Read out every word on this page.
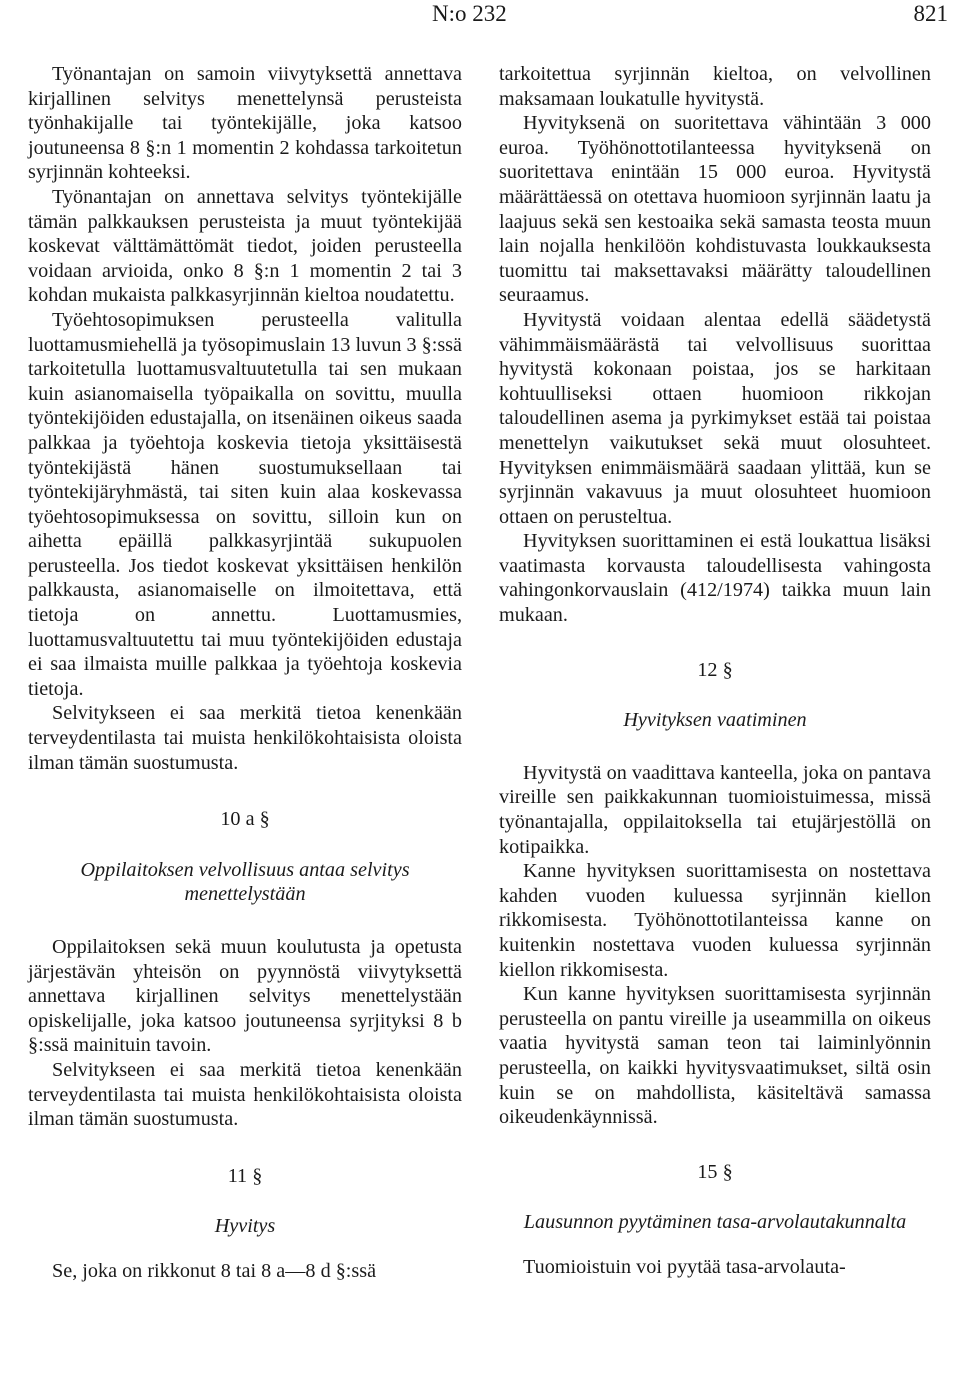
N:o 232	821

Työnantajan on samoin viivytyksettä annettava kirjallinen selvitys menettelynsä perusteista työnhakijalle tai työntekijälle, joka katsoo joutuneensa 8 §:n 1 momentin 2 kohdassa tarkoitetun syrjinnän kohteeksi.

Työnantajan on annettava selvitys työntekijälle tämän palkkauksen perusteista ja muut työntekijää koskevat välttämättömät tiedot, joiden perusteella voidaan arvioida, onko 8 §:n 1 momentin 2 tai 3 kohdan mukaista palkkasyrjinnän kieltoa noudatettu.

Työehtosopimuksen perusteella valitulla luottamusmiehellä ja työsopimuslain 13 luvun 3 §:ssä tarkoitetulla luottamusvaltuutetulla tai sen mukaan kuin asianomaisella työpaikalla on sovittu, muulla työntekijöiden edustajalla, on itsenäinen oikeus saada palkkaa ja työehtoja koskevia tietoja yksittäisestä työntekijästä hänen suostumuksellaan tai työntekijäryhmästä, tai siten kuin alaa koskevassa työehtosopimuksessa on sovittu, silloin kun on aihetta epäillä palkkasyrjintää sukupuolen perusteella. Jos tiedot koskevat yksittäisen henkilön palkkausta, asianomaiselle on ilmoitettava, että tietoja on annettu. Luottamusmies, luottamusvaltuutettu tai muu työntekijöiden edustaja ei saa ilmaista muille palkkaa ja työehtoja koskevia tietoja.

Selvitykseen ei saa merkitä tietoa kenenkään terveydentilasta tai muista henkilökohtaisista oloista ilman tämän suostumusta.

10 a §

Oppilaitoksen velvollisuus antaa selvitys menettelystään

Oppilaitoksen sekä muun koulutusta ja opetusta järjestävän yhteisön on pyynnöstä viivytyksettä annettava kirjallinen selvitys menettelystään opiskelijalle, joka katsoo joutuneensa syrjityksi 8 b §:ssä mainituin tavoin.

Selvitykseen ei saa merkitä tietoa kenenkään terveydentilasta tai muista henkilökohtaisista oloista ilman tämän suostumusta.

11 §

Hyvitys

Se, joka on rikkonut 8 tai 8 a—8 d §:ssä

tarkoitettua syrjinnän kieltoa, on velvollinen maksamaan loukatulle hyvitystä.

Hyvityksenä on suoritettava vähintään 3 000 euroa. Työhönottotilanteessa hyvityksenä on suoritettava enintään 15 000 euroa. Hyvitystä määrättäessä on otettava huomioon syrjinnän laatu ja laajuus sekä sen kestoaika sekä samasta teosta muun lain nojalla henkilöön kohdistuvasta loukkauksesta tuomittu tai maksettavaksi määrätty taloudellinen seuraamus.

Hyvitystä voidaan alentaa edellä säädetystä vähimmäismäärästä tai velvollisuus suorittaa hyvitystä kokonaan poistaa, jos se harkitaan kohtuulliseksi ottaen huomioon rikkojan taloudellinen asema ja pyrkimykset estää tai poistaa menettelyn vaikutukset sekä muut olosuhteet. Hyvityksen enimmäismäärä saadaan ylittää, kun se syrjinnän vakavuus ja muut olosuhteet huomioon ottaen on perusteltua.

Hyvityksen suorittaminen ei estä loukattua lisäksi vaatimasta korvausta taloudellisesta vahingosta vahingonkorvauslain (412/1974) taikka muun lain mukaan.

12 §

Hyvityksen vaatiminen

Hyvitystä on vaadittava kanteella, joka on pantava vireille sen paikkakunnan tuomioistuimessa, missä työnantajalla, oppilaitoksella tai etujärjestöllä on kotipaikka.

Kanne hyvityksen suorittamisesta on nostettava kahden vuoden kuluessa syrjinnän kiellon rikkomisesta. Työhönottotilanteissa kanne on kuitenkin nostettava vuoden kuluessa syrjinnän kiellon rikkomisesta.

Kun kanne hyvityksen suorittamisesta syrjinnän perusteella on pantu vireille ja useammilla on oikeus vaatia hyvitystä saman teon tai laiminlyönnin perusteella, on kaikki hyvitysvaatimukset, siltä osin kuin se on mahdollista, käsiteltävä samassa oikeudenkäynnissä.

15 §

Lausunnon pyytäminen tasa-arvolautakunnalta

Tuomioistuin voi pyytää tasa-arvolauta-
